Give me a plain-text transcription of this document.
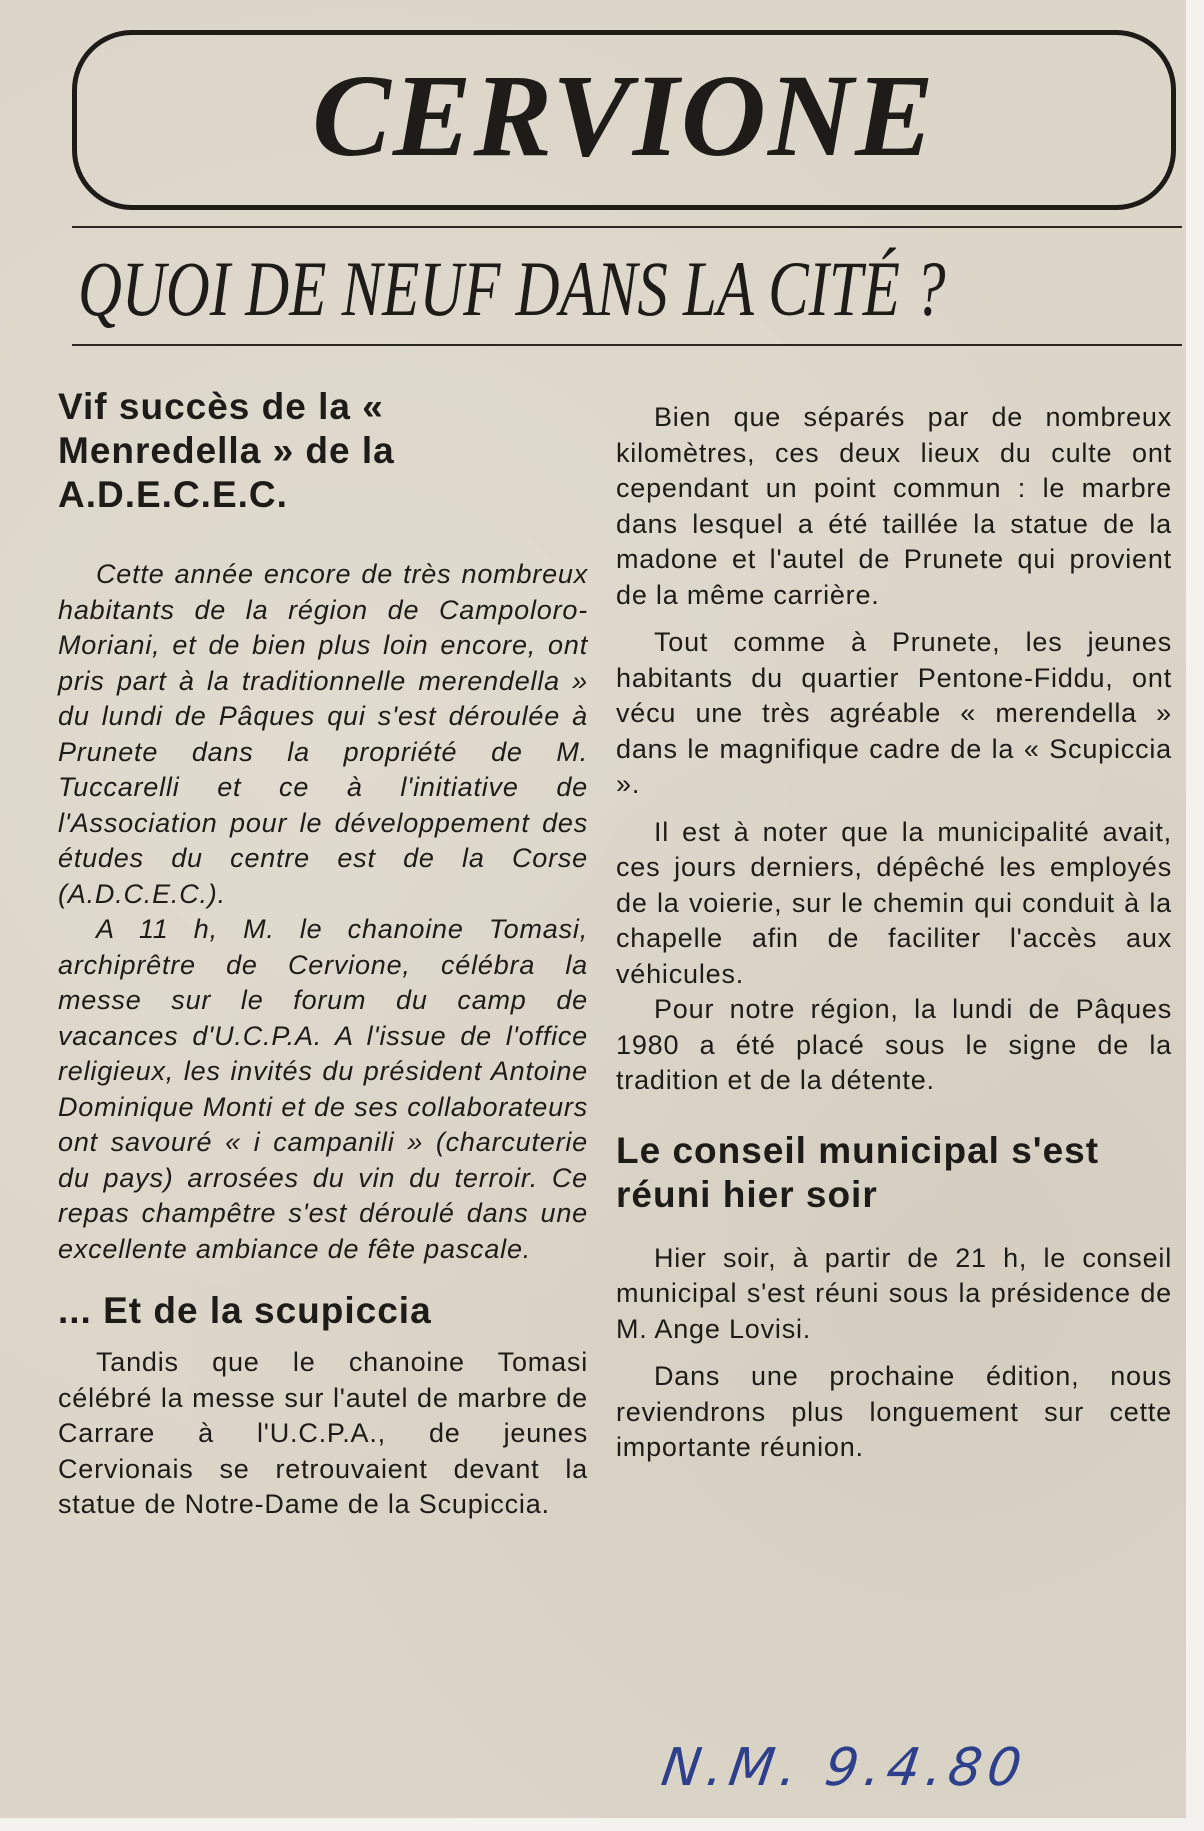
CERVIONE
QUOI DE NEUF DANS LA CITÉ ?
Vif succès de la « Menredella » de la A.D.E.C.E.C.

Cette année encore de très nombreux habitants de la région de Campoloro-Moriani, et de bien plus loin encore, ont pris part à la traditionnelle merendella » du lundi de Pâques qui s'est déroulée à Prunete dans la propriété de M. Tuccarelli et ce à l'initiative de l'Association pour le développement des études du centre est de la Corse (A.D.C.E.C.).

A 11 h, M. le chanoine Tomasi, archiprêtre de Cervione, célébra la messe sur le forum du camp de vacances d'U.C.P.A. A l'issue de l'office religieux, les invités du président Antoine Dominique Monti et de ses collaborateurs ont savouré « i campanili » (charcuterie du pays) arrosées du vin du terroir. Ce repas champêtre s'est déroulé dans une excellente ambiance de fête pascale.

... Et de la scupiccia

Tandis que le chanoine Tomasi célébré la messe sur l'autel de marbre de Carrare à l'U.C.P.A., de jeunes Cervionais se retrouvaient devant la statue de Notre-Dame de la Scupiccia.

Bien que séparés par de nombreux kilomètres, ces deux lieux du culte ont cependant un point commun : le marbre dans lesquel a été taillée la statue de la madone et l'autel de Prunete qui provient de la même carrière.

Tout comme à Prunete, les jeunes habitants du quartier Pentone-Fiddu, ont vécu une très agréable « merendella » dans le magnifique cadre de la « Scupiccia ».

Il est à noter que la municipalité avait, ces jours derniers, dépêché les employés de la voierie, sur le chemin qui conduit à la chapelle afin de faciliter l'accès aux véhicules.

Pour notre région, la lundi de Pâques 1980 a été placé sous le signe de la tradition et de la détente.

Le conseil municipal s'est réuni hier soir

Hier soir, à partir de 21 h, le conseil municipal s'est réuni sous la présidence de M. Ange Lovisi.

Dans une prochaine édition, nous reviendrons plus longuement sur cette importante réunion.

N.M. 9.4.80
